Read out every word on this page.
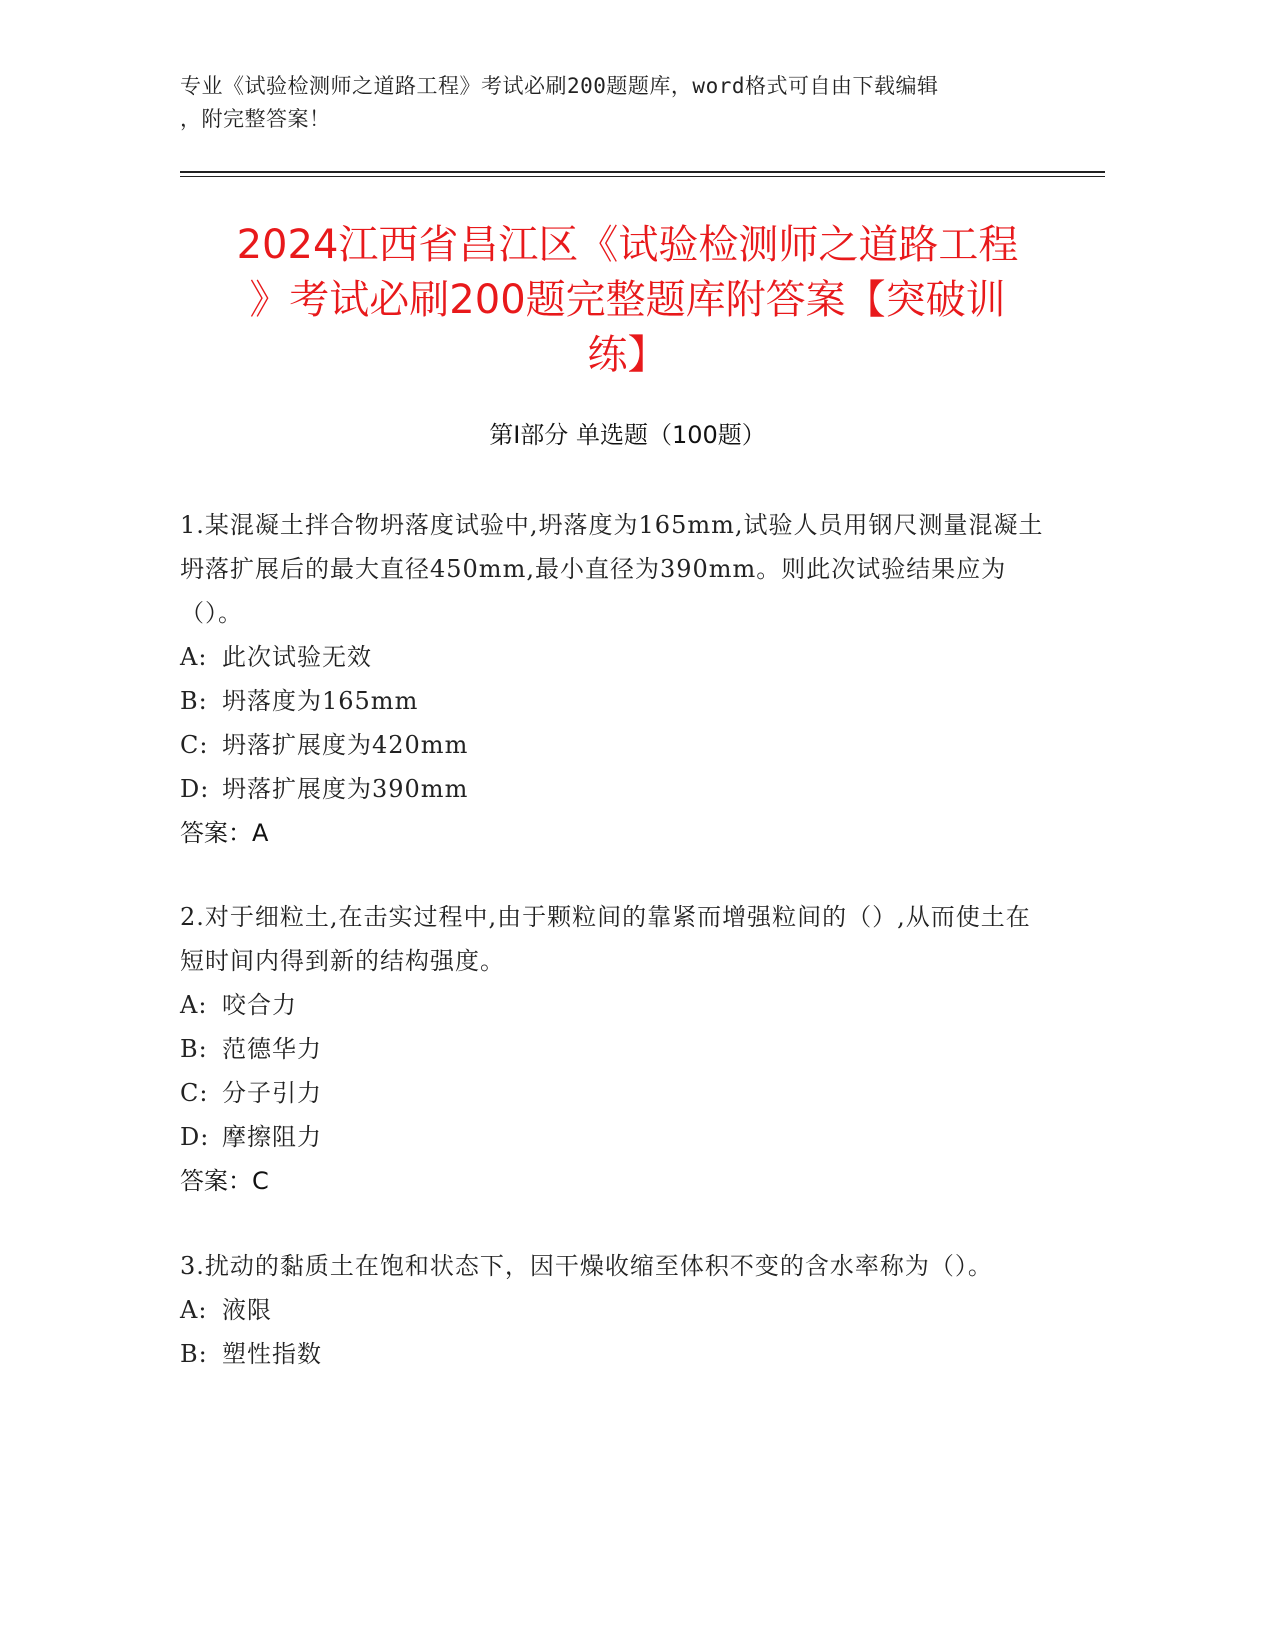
专业《试验检测师之道路工程》考试必刷200题题库，word格式可自由下载编辑
，附完整答案！
2024江西省昌江区《试验检测师之道路工程
》考试必刷200题完整题库附答案【突破训
练】
第I部分 单选题（100题）
1.某混凝土拌合物坍落度试验中,坍落度为165mm,试验人员用钢尺测量混凝土坍落扩展后的最大直径450mm,最小直径为390mm。则此次试验结果应为（）。
A: 此次试验无效
B: 坍落度为165mm
C: 坍落扩展度为420mm
D: 坍落扩展度为390mm
答案：A
2.对于细粒土,在击实过程中,由于颗粒间的靠紧而增强粒间的（）,从而使土在短时间内得到新的结构强度。
A: 咬合力
B: 范德华力
C: 分子引力
D: 摩擦阻力
答案：C
3.扰动的黏质土在饱和状态下，因干燥收缩至体积不变的含水率称为（）。
A: 液限
B: 塑性指数
